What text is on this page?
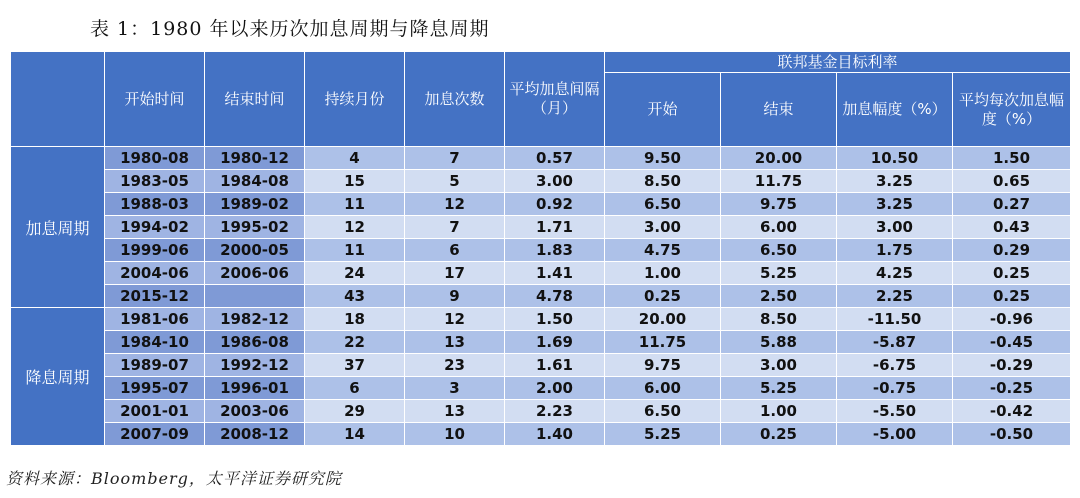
表 1：1980 年以来历次加息周期与降息周期
	开始时间	结束时间	持续月份	加息次数	平均加息间隔（月）	联邦基金目标利率			
						开始	结束	加息幅度（%）	平均每次加息幅度（%）
加息周期	1980-08	1980-12	4	7	0.57	9.50	20.00	10.50	1.50
	1983-05	1984-08	15	5	3.00	8.50	11.75	3.25	0.65
	1988-03	1989-02	11	12	0.92	6.50	9.75	3.25	0.27
	1994-02	1995-02	12	7	1.71	3.00	6.00	3.00	0.43
	1999-06	2000-05	11	6	1.83	4.75	6.50	1.75	0.29
	2004-06	2006-06	24	17	1.41	1.00	5.25	4.25	0.25
	2015-12		43	9	4.78	0.25	2.50	2.25	0.25
降息周期	1981-06	1982-12	18	12	1.50	20.00	8.50	-11.50	-0.96
	1984-10	1986-08	22	13	1.69	11.75	5.88	-5.87	-0.45
	1989-07	1992-12	37	23	1.61	9.75	3.00	-6.75	-0.29
	1995-07	1996-01	6	3	2.00	6.00	5.25	-0.75	-0.25
	2001-01	2003-06	29	13	2.23	6.50	1.00	-5.50	-0.42
	2007-09	2008-12	14	10	1.40	5.25	0.25	-5.00	-0.50
资料来源：Bloomberg，太平洋证券研究院
